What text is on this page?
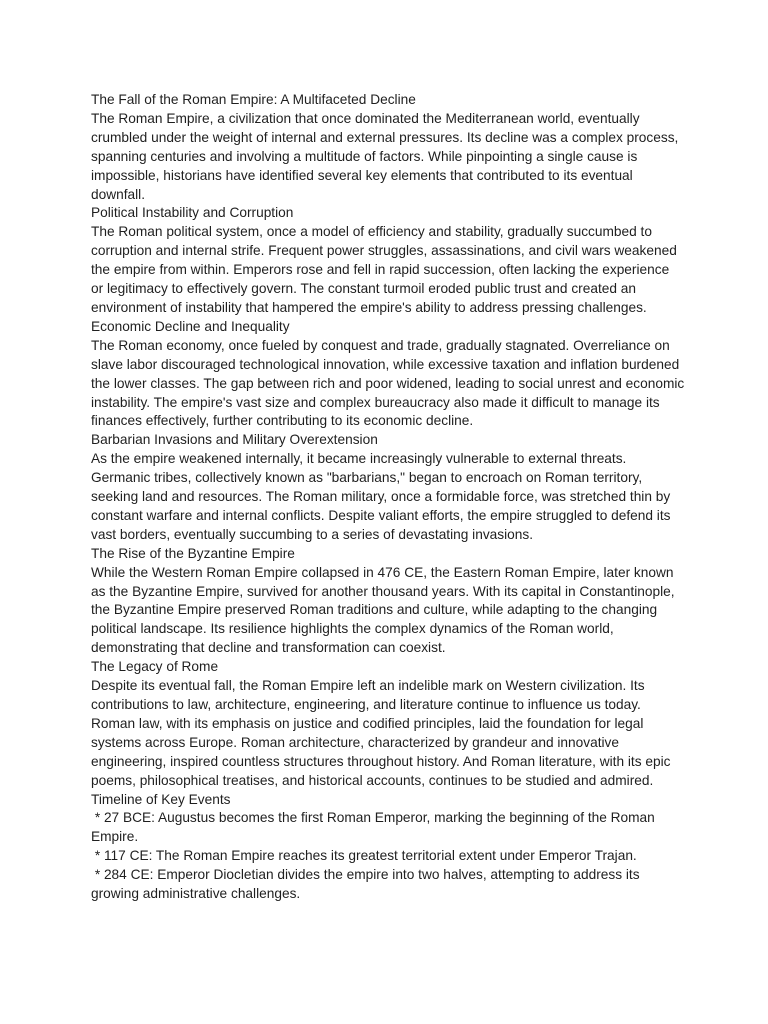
The Fall of the Roman Empire: A Multifaceted Decline

The Roman Empire, a civilization that once dominated the Mediterranean world, eventually crumbled under the weight of internal and external pressures. Its decline was a complex process, spanning centuries and involving a multitude of factors. While pinpointing a single cause is impossible, historians have identified several key elements that contributed to its eventual downfall.

Political Instability and Corruption

The Roman political system, once a model of efficiency and stability, gradually succumbed to corruption and internal strife. Frequent power struggles, assassinations, and civil wars weakened the empire from within. Emperors rose and fell in rapid succession, often lacking the experience or legitimacy to effectively govern. The constant turmoil eroded public trust and created an environment of instability that hampered the empire's ability to address pressing challenges.

Economic Decline and Inequality

The Roman economy, once fueled by conquest and trade, gradually stagnated. Overreliance on slave labor discouraged technological innovation, while excessive taxation and inflation burdened the lower classes. The gap between rich and poor widened, leading to social unrest and economic instability. The empire's vast size and complex bureaucracy also made it difficult to manage its finances effectively, further contributing to its economic decline.

Barbarian Invasions and Military Overextension

As the empire weakened internally, it became increasingly vulnerable to external threats. Germanic tribes, collectively known as "barbarians," began to encroach on Roman territory, seeking land and resources. The Roman military, once a formidable force, was stretched thin by constant warfare and internal conflicts. Despite valiant efforts, the empire struggled to defend its vast borders, eventually succumbing to a series of devastating invasions.

The Rise of the Byzantine Empire

While the Western Roman Empire collapsed in 476 CE, the Eastern Roman Empire, later known as the Byzantine Empire, survived for another thousand years. With its capital in Constantinople, the Byzantine Empire preserved Roman traditions and culture, while adapting to the changing political landscape. Its resilience highlights the complex dynamics of the Roman world, demonstrating that decline and transformation can coexist.

The Legacy of Rome

Despite its eventual fall, the Roman Empire left an indelible mark on Western civilization. Its contributions to law, architecture, engineering, and literature continue to influence us today. Roman law, with its emphasis on justice and codified principles, laid the foundation for legal systems across Europe. Roman architecture, characterized by grandeur and innovative engineering, inspired countless structures throughout history. And Roman literature, with its epic poems, philosophical treatises, and historical accounts, continues to be studied and admired.

Timeline of Key Events

* 27 BCE: Augustus becomes the first Roman Emperor, marking the beginning of the Roman Empire.

* 117 CE: The Roman Empire reaches its greatest territorial extent under Emperor Trajan.

* 284 CE: Emperor Diocletian divides the empire into two halves, attempting to address its growing administrative challenges.
